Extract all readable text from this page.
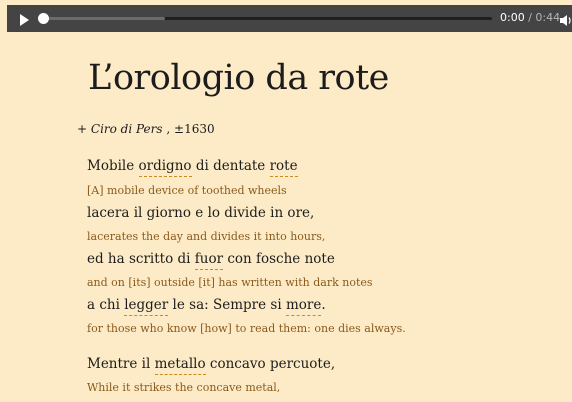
0:00 / 0:44
L’orologio da rote
+ Ciro di Pers , ±1630
Mobile ordigno di dentate rote
[A] mobile device of toothed wheels
lacera il giorno e lo divide in ore,
lacerates the day and divides it into hours,
ed ha scritto di fuor con fosche note
and on [its] outside [it] has written with dark notes
a chi legger le sa: Sempre si more.
for those who know [how] to read them: one dies always.
Mentre il metallo concavo percuote,
While it strikes the concave metal,
